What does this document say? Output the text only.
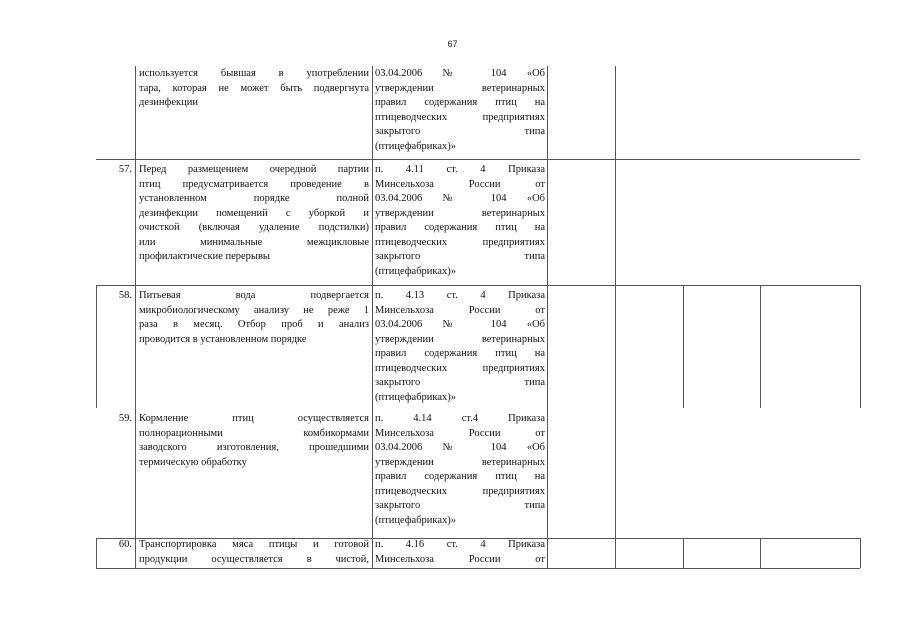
67
используется бывшая в употреблении
тара, которая не может быть подвергнута
дезинфекции
03.04.2006 № 104 «Об
утверждении ветеринарных
правил содержания птиц на
птицеводческих предприятиях
закрытого типа
(птицефабриках)»
57. Перед размещением очередной партии
птиц предусматривается проведение в
установленном порядке полной
дезинфекции помещений с уборкой и
очисткой (включая удаление подстилки)
или минимальные межцикловые
профилактические перерывы
п. 4.11 ст. 4 Приказа
Минсельхоза России от
03.04.2006 № 104 «Об
утверждении ветеринарных
правил содержания птиц на
птицеводческих предприятиях
закрытого типа
(птицефабриках)»
58. Питьевая вода подвергается
микробиологическому анализу не реже 1
раза в месяц. Отбор проб и анализ
проводится в установленном порядке
п. 4.13 ст. 4 Приказа
Минсельхоза России от
03.04.2006 № 104 «Об
утверждении ветеринарных
правил содержания птиц на
птицеводческих предприятиях
закрытого типа
(птицефабриках)»
59. Кормление птиц осуществляется
полнорационными комбикормами
заводского изготовления, прошедшими
термическую обработку
п. 4.14 ст.4 Приказа
Минсельхоза России от
03.04.2006 № 104 «Об
утверждении ветеринарных
правил содержания птиц на
птицеводческих предприятиях
закрытого типа
(птицефабриках)»
60. Транспортировка мяса птицы и готовой
продукции осуществляется в чистой,
п. 4.16 ст. 4 Приказа
Минсельхоза России от
